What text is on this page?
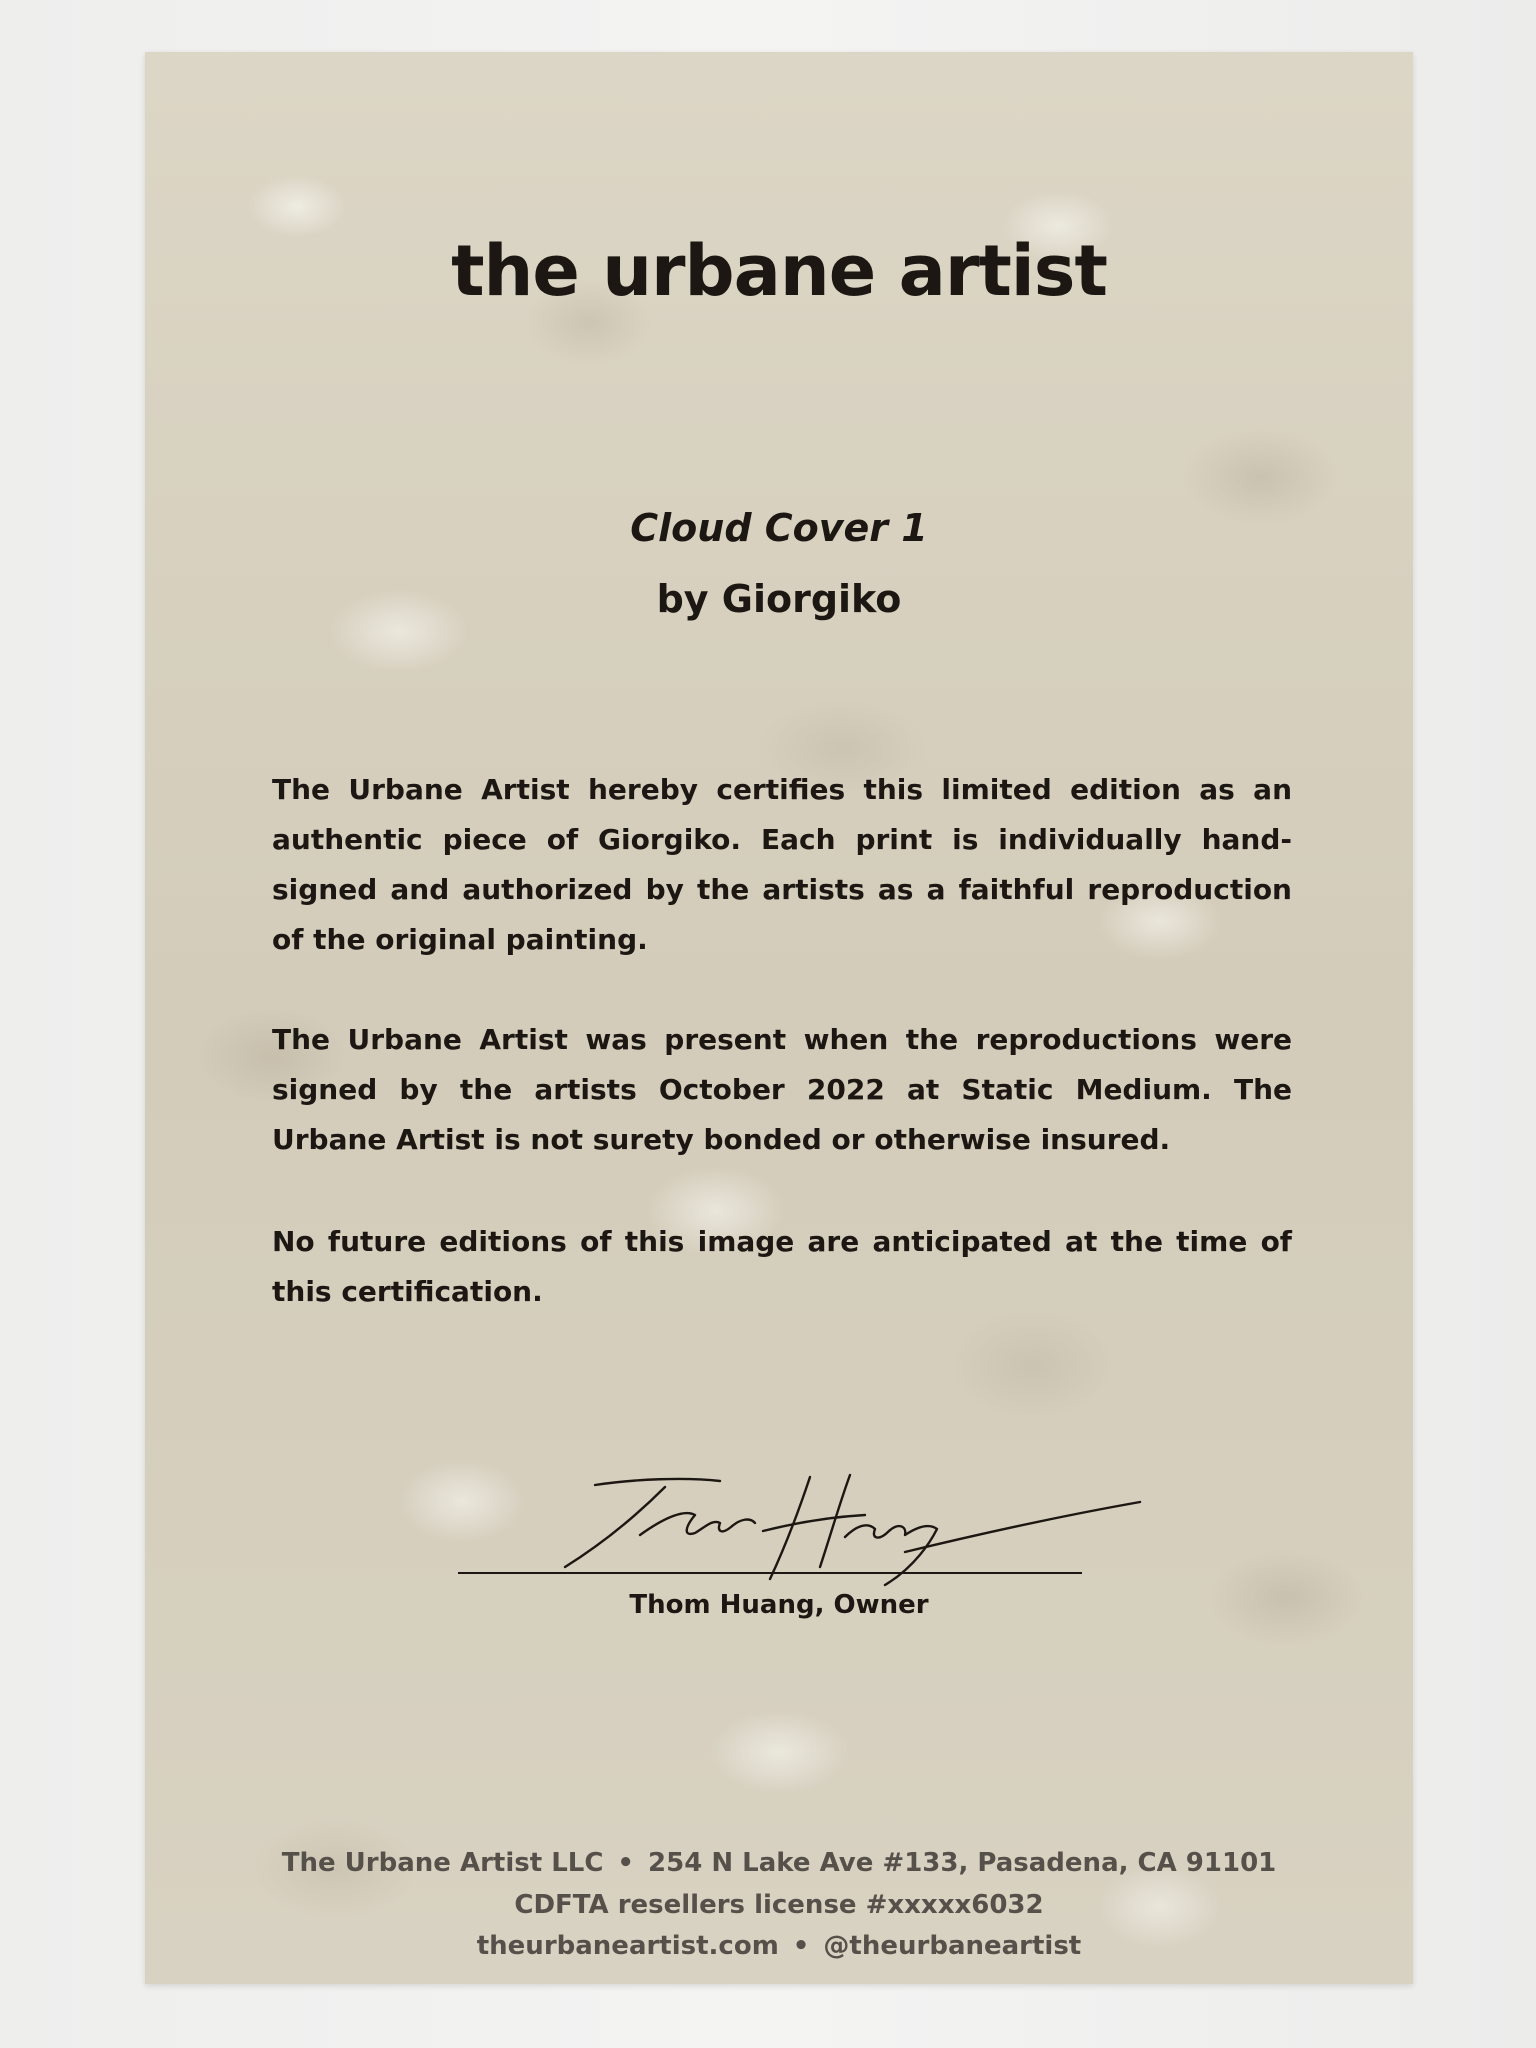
the urbane artist
Cloud Cover 1
by Giorgiko

The Urbane Artist hereby certifies this limited edition as an authentic piece of Giorgiko. Each print is individually hand-signed and authorized by the artists as a faithful reproduction of the original painting.

The Urbane Artist was present when the reproductions were signed by the artists October 2022 at Static Medium. The Urbane Artist is not surety bonded or otherwise insured.

No future editions of this image are anticipated at the time of this certification.

Thom Huang, Owner
The Urbane Artist LLC • 254 N Lake Ave #133, Pasadena, CA 91101
CDFTA resellers license #xxxxx6032
theurbaneartist.com • @theurbaneartist
